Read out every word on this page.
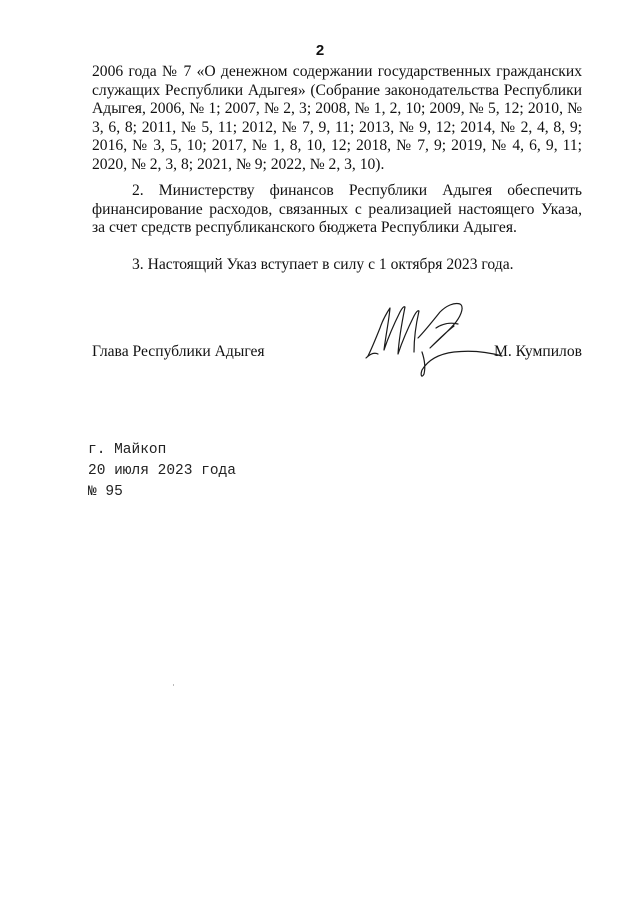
2

2006 года № 7 «О денежном содержании государственных гражданских служащих Республики Адыгея» (Собрание законодательства Республики Адыгея, 2006, № 1; 2007, № 2, 3; 2008, № 1, 2, 10; 2009, № 5, 12; 2010, № 3, 6, 8; 2011, № 5, 11; 2012, № 7, 9, 11; 2013, № 9, 12; 2014, № 2, 4, 8, 9; 2016, № 3, 5, 10; 2017, № 1, 8, 10, 12; 2018, № 7, 9; 2019, № 4, 6, 9, 11; 2020, № 2, 3, 8; 2021, № 9; 2022, № 2, 3, 10).

2. Министерству финансов Республики Адыгея обеспечить финансирование расходов, связанных с реализацией настоящего Указа, за счет средств республиканского бюджета Республики Адыгея.

3. Настоящий Указ вступает в силу с 1 октября 2023 года.

Глава Республики Адыгея	М. Кумпилов
г. Майкоп
20 июля 2023 года
№ 95
